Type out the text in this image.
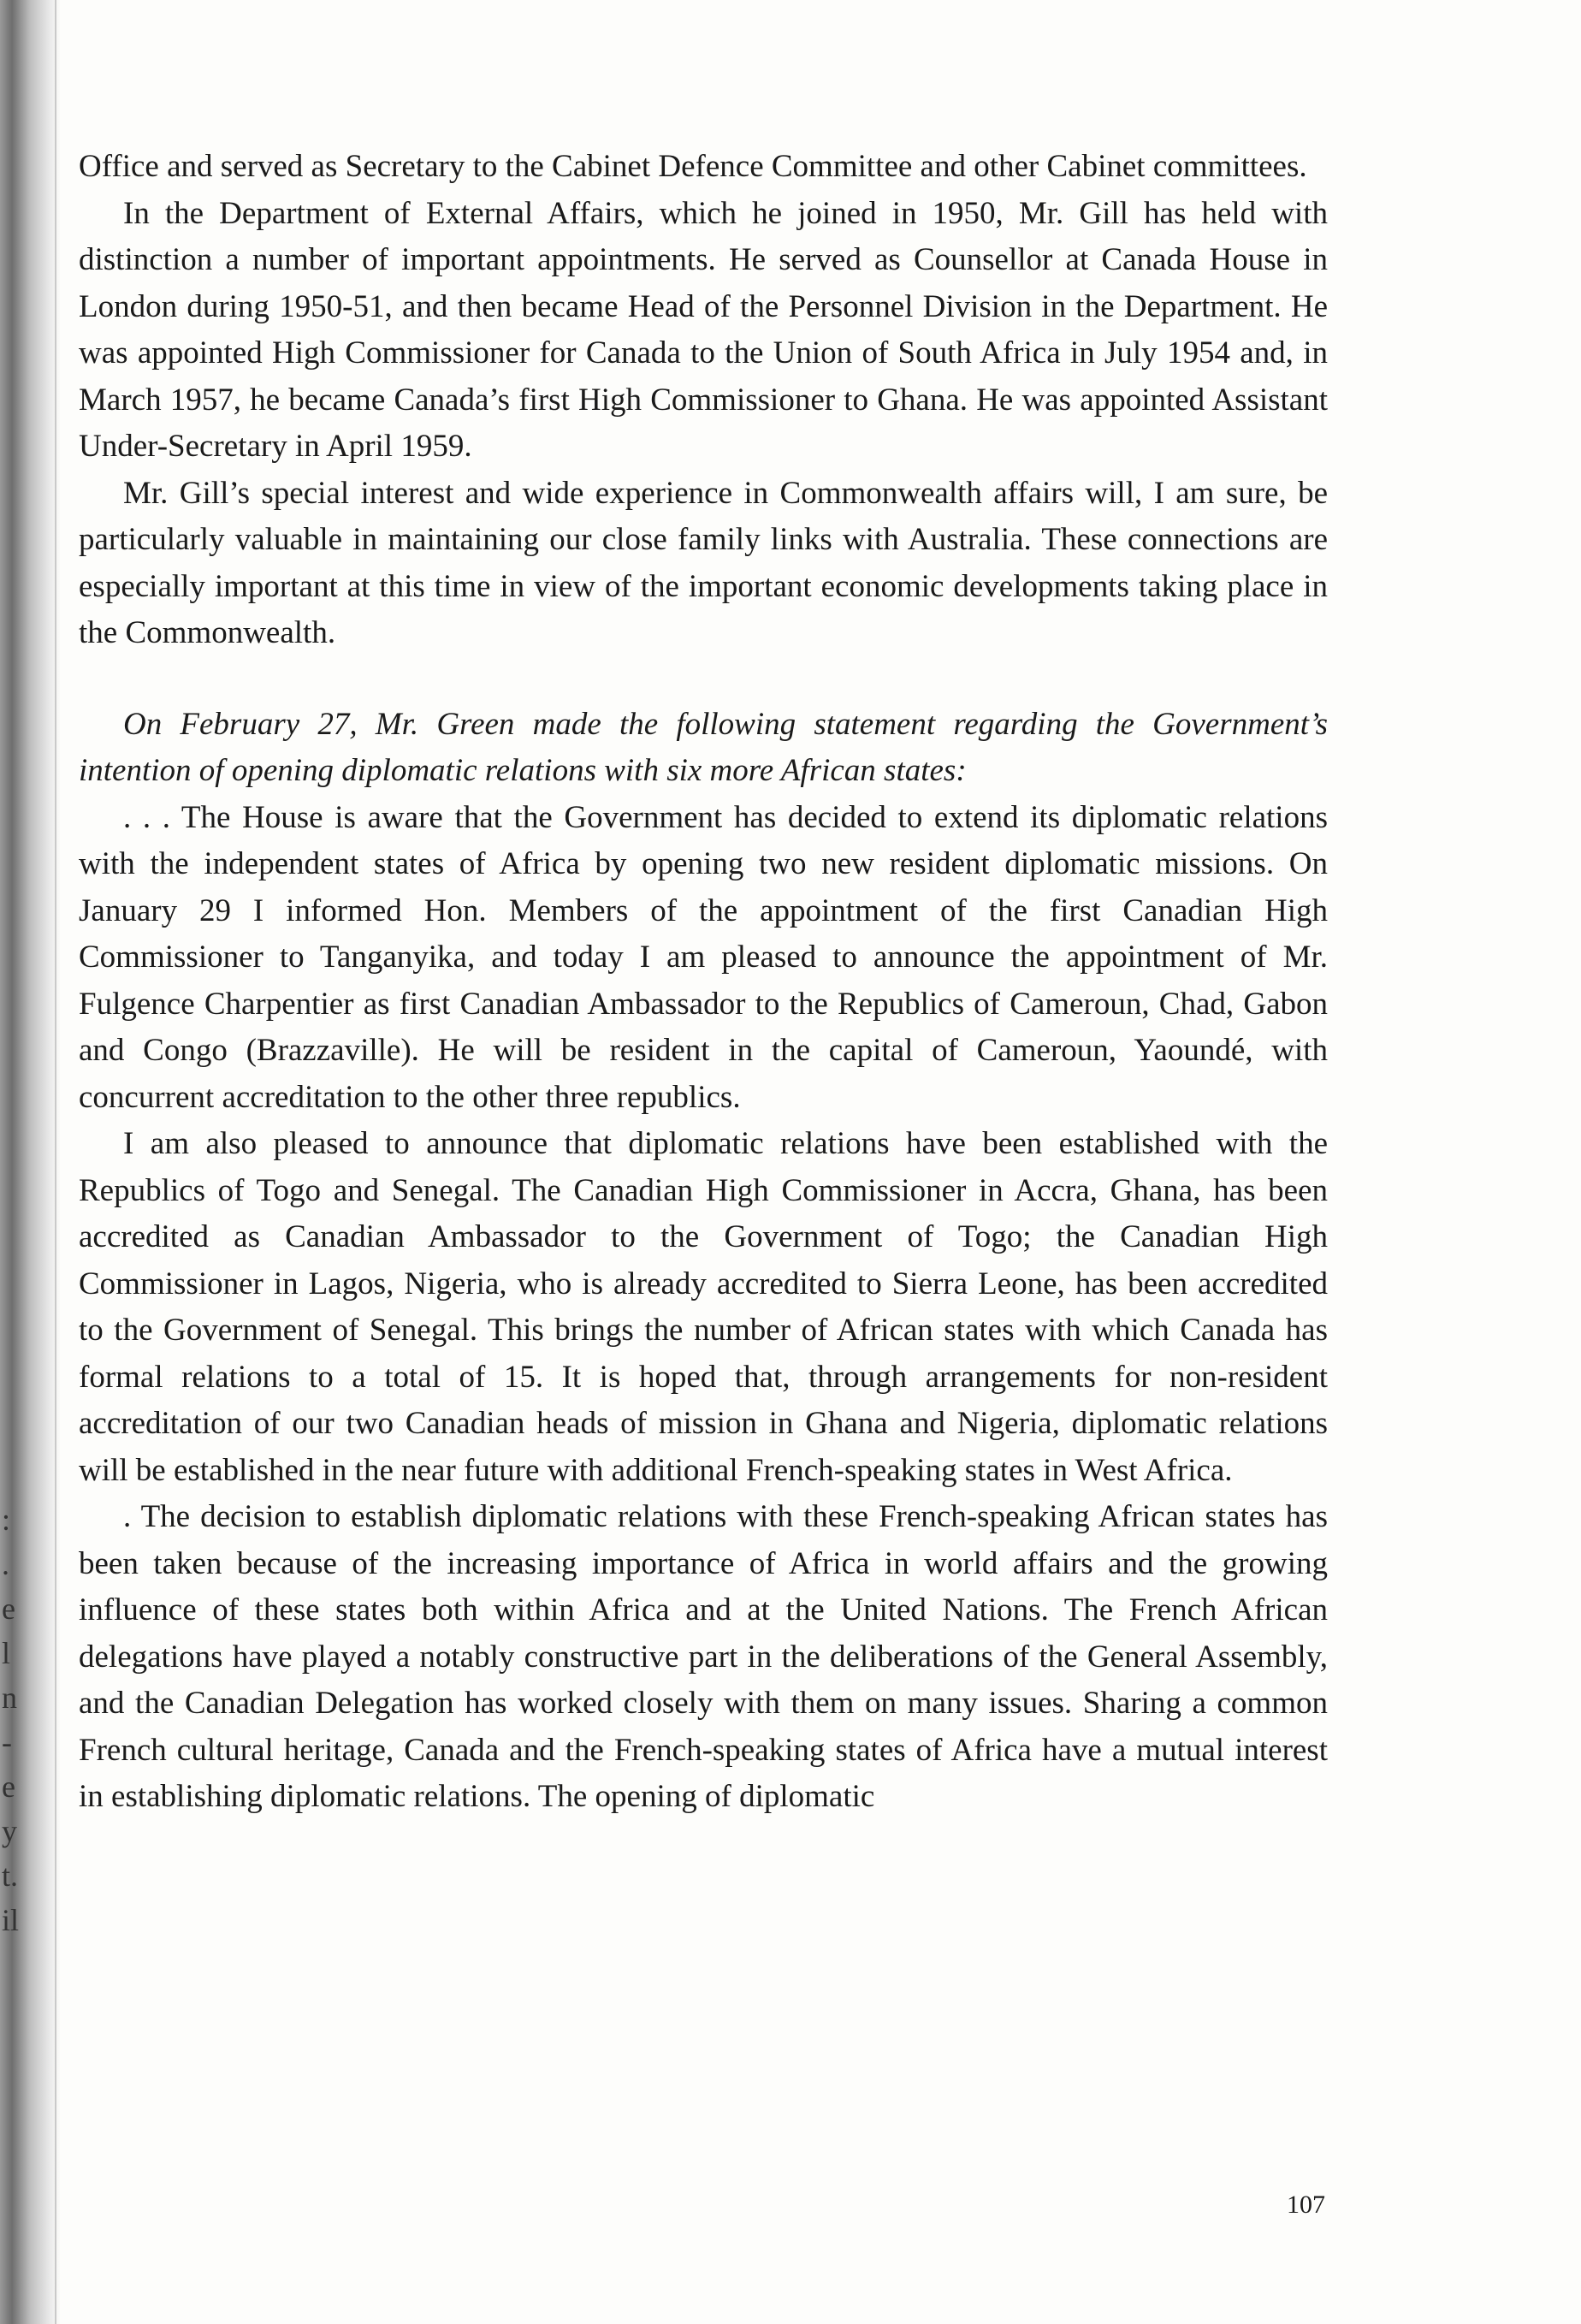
:
.
e
l
n
-
e
y
t.
il

Office and served as Secretary to the Cabinet Defence Committee and other Cabinet committees.

In the Department of External Affairs, which he joined in 1950, Mr. Gill has held with distinction a number of important appointments. He served as Counsellor at Canada House in London during 1950-51, and then became Head of the Personnel Division in the Department. He was appointed High Commissioner for Canada to the Union of South Africa in July 1954 and, in March 1957, he became Canada’s first High Commissioner to Ghana. He was appointed Assistant Under-Secretary in April 1959.

Mr. Gill’s special interest and wide experience in Commonwealth affairs will, I am sure, be particularly valuable in maintaining our close family links with Australia. These connections are especially important at this time in view of the important economic developments taking place in the Commonwealth.

On February 27, Mr. Green made the following statement regarding the Government’s intention of opening diplomatic relations with six more African states:

. . . The House is aware that the Government has decided to extend its diplomatic relations with the independent states of Africa by opening two new resident diplomatic missions. On January 29 I informed Hon. Members of the appointment of the first Canadian High Commissioner to Tanganyika, and today I am pleased to announce the appointment of Mr. Fulgence Charpentier as first Canadian Ambassador to the Republics of Cameroun, Chad, Gabon and Congo (Brazzaville). He will be resident in the capital of Cameroun, Yaoundé, with concurrent accreditation to the other three republics.

I am also pleased to announce that diplomatic relations have been established with the Republics of Togo and Senegal. The Canadian High Commissioner in Accra, Ghana, has been accredited as Canadian Ambassador to the Government of Togo; the Canadian High Commissioner in Lagos, Nigeria, who is already accredited to Sierra Leone, has been accredited to the Government of Senegal. This brings the number of African states with which Canada has formal relations to a total of 15. It is hoped that, through arrangements for non-resident accreditation of our two Canadian heads of mission in Ghana and Nigeria, diplomatic relations will be established in the near future with additional French-speaking states in West Africa.

. The decision to establish diplomatic relations with these French-speaking African states has been taken because of the increasing importance of Africa in world affairs and the growing influence of these states both within Africa and at the United Nations. The French African delegations have played a notably constructive part in the deliberations of the General Assembly, and the Canadian Delegation has worked closely with them on many issues. Sharing a common French cultural heritage, Canada and the French-speaking states of Africa have a mutual interest in establishing diplomatic relations. The opening of diplomatic

107
